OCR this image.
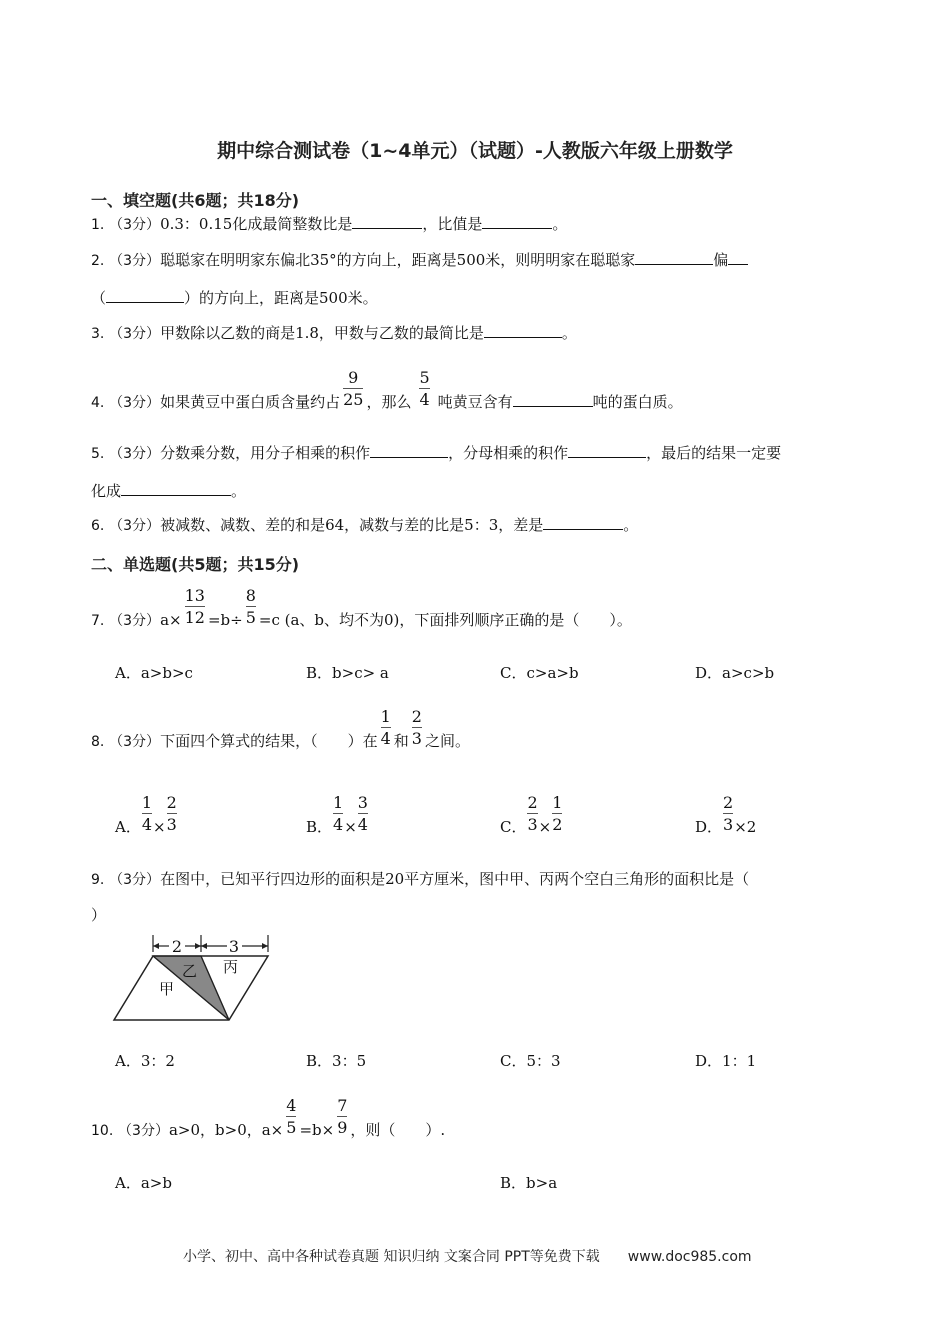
期中综合测试卷（1~4单元）（试题）-人教版六年级上册数学
一、填空题(共6题；共18分)
1. （3分）0.3：0.15化成最简整数比是	，比值是	。
2. （3分）聪聪家在明明家东偏北35°的方向上，距离是500米，则明明家在聪聪家	偏
（	）的方向上，距离是500米。
3. （3分）甲数除以乙数的商是1.8，甲数与乙数的最简比是	。
4. （3分）如果黄豆中蛋白质含量约占 $\frac{9}{25}$ ，那么 $\frac{5}{4}$ 吨黄豆含有	吨的蛋白质。
5. （3分）分数乘分数，用分子相乘的积作	，分母相乘的积作	，最后的结果一定要
化成	。
6. （3分）被减数、减数、差的和是64，减数与差的比是5：3，差是	。
二、单选题(共5题；共15分)
7. （3分）$a\times \frac{13}{12} =b\div \frac{8}{5} =c$ (a、b、均不为0)，下面排列顺序正确的是（　　）。
A．a>b>c	B．b>c> a	C．c>a>b	D．a>c>b
8. （3分）下面四个算式的结果，（　　）在 $\frac{1}{4}$ 和 $\frac{2}{3}$ 之间。
A． $\frac{1}{4} \times \frac{2}{3}$	B． $\frac{1}{4} \times \frac{3}{4}$	C． $\frac{2}{3} \times \frac{1}{2}$	D． $\frac{2}{3} \times 2$
9. （3分）在图中，已知平行四边形的面积是20平方厘米，图中甲、丙两个空白三角形的面积比是（
）
2	3
甲
乙 丙
A．3：2	B．3：5	C．5：3	D．1：1
10. （3分）a>0，b>0，$a\times \frac{4}{5} =b\times \frac{7}{9}$ ，则（　　）.
A．a>b	B．b>a
小学、初中、高中各种试卷真题 知识归纳 文案合同 PPT等免费下载 www.doc985.com
